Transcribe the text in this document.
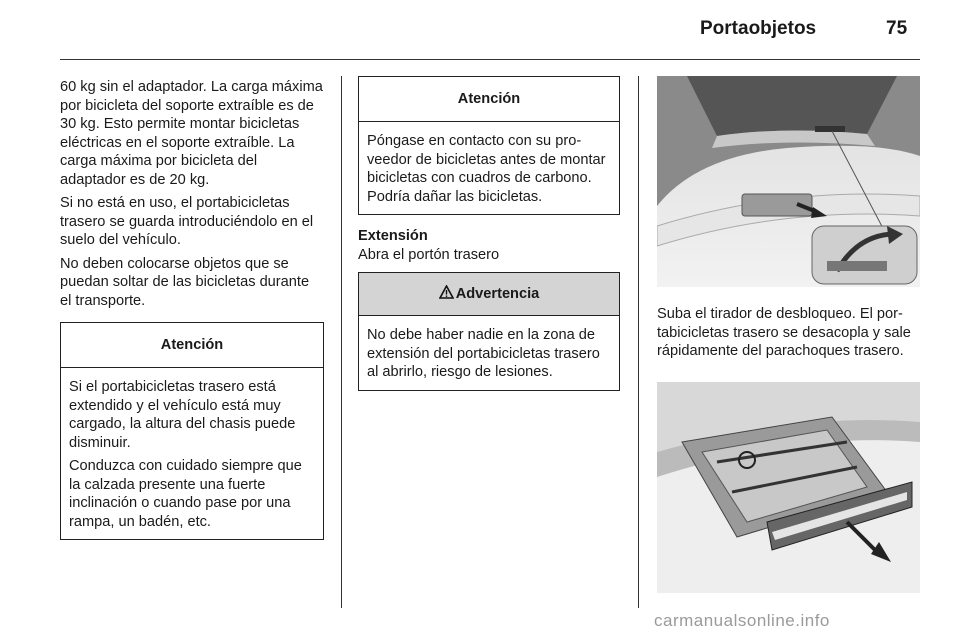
Portaobjetos	75

60 kg sin el adaptador. La carga máxima por bicicleta del soporte extraíble es de 30 kg. Esto permite montar bicicletas eléctricas en el soporte extraíble. La carga máxima por bicicleta del adaptador es de 20 kg.

Si no está en uso, el portabicicletas trasero se guarda introduciéndolo en el suelo del vehículo.

No deben colocarse objetos que se puedan soltar de las bicicletas durante el transporte.

Atención

Si el portabicicletas trasero está extendido y el vehículo está muy cargado, la altura del chasis puede disminuir.

Conduzca con cuidado siempre que la calzada presente una fuerte inclinación o cuando pase por una rampa, un badén, etc.

Atención

Póngase en contacto con su proveedor de bicicletas antes de montar bicicletas con cuadros de carbono. Podría dañar las bicicletas.

Extensión
Abra el portón trasero
Advertencia

No debe haber nadie en la zona de extensión del portabicicletas trasero al abrirlo, riesgo de lesiones.

Suba el tirador de desbloqueo. El portabicicletas trasero se desacopla y sale rápidamente del parachoques trasero.

carmanualsonline.info
